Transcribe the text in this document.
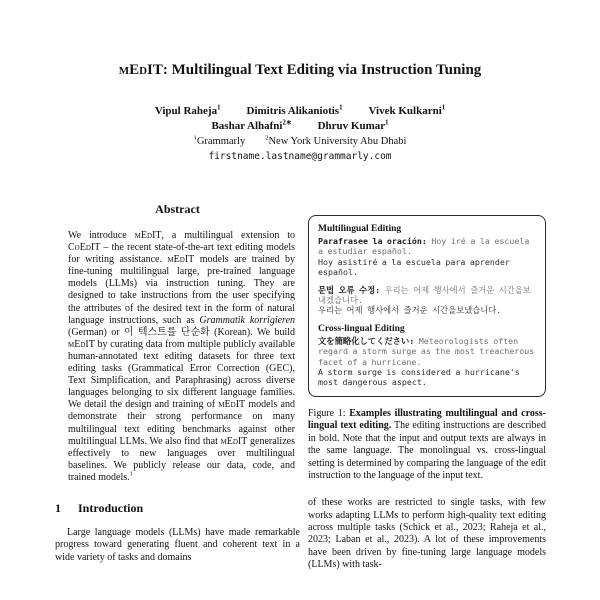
mEdIT: Multilingual Text Editing via Instruction Tuning
Vipul Raheja$^1$ Dimitris Alikaniotis$^1$ Vivek Kulkarni$^1$
Bashar Alhafni$^{2∗}$ Dhruv Kumar$^1$
$^1$Grammarly	$^2$New York University Abu Dhabi
firstname.lastname@grammarly.com
Abstract

We introduce mEdIT, a multilingual extension to CoEdIT – the recent state-of-the-art text editing models for writing assistance. mEdIT models are trained by fine-tuning multilingual large, pre-trained language models (LLMs) via instruction tuning. They are designed to take instructions from the user specifying the attributes of the desired text in the form of natural language instructions, such as Grammatik korrigieren (German) or 이 텍스트를 단순화 (Korean). We build mEdIT by curating data from multiple publicly available human-annotated text editing datasets for three text editing tasks (Grammatical Error Correction (GEC), Text Simplification, and Paraphrasing) across diverse languages belonging to six different language families. We detail the design and training of mEdIT models and demonstrate their strong performance on many multilingual text editing benchmarks against other multilingual LLMs. We also find that mEdIT generalizes effectively to new languages over multilingual baselines. We publicly release our data, code, and trained models.$^1$

1 Introduction

Large language models (LLMs) have made remarkable progress toward generating fluent and coherent text in a wide variety of tasks and domains

Multilingual Editing

Parafrasee la oración: Hoy iré a la escuela a estudiar español.

Hoy asistiré a la escuela para aprender español.

문법 오류 수정: 우리는 어제 행사에서 즐거운 시간을보내겠습니다.

우리는 어제 행사에서 즐거운 시간을보냈습니다.

Cross-lingual Editing

文を簡略化してください: Meteorologists often regard a storm surge as the most treacherous facet of a hurricane.

A storm surge is considered a hurricane's most dangerous aspect.

Figure 1: Examples illustrating multilingual and cross-lingual text editing. The editing instructions are described in bold. Note that the input and output texts are always in the same language. The monolingual vs. cross-lingual setting is determined by comparing the language of the edit instruction to the language of the input text.

of these works are restricted to single tasks, with few works adapting LLMs to perform high-quality text editing across multiple tasks (Schick et al., 2023; Raheja et al., 2023; Laban et al., 2023). A lot of these improvements have been driven by fine-tuning large language models (LLMs) with task-
